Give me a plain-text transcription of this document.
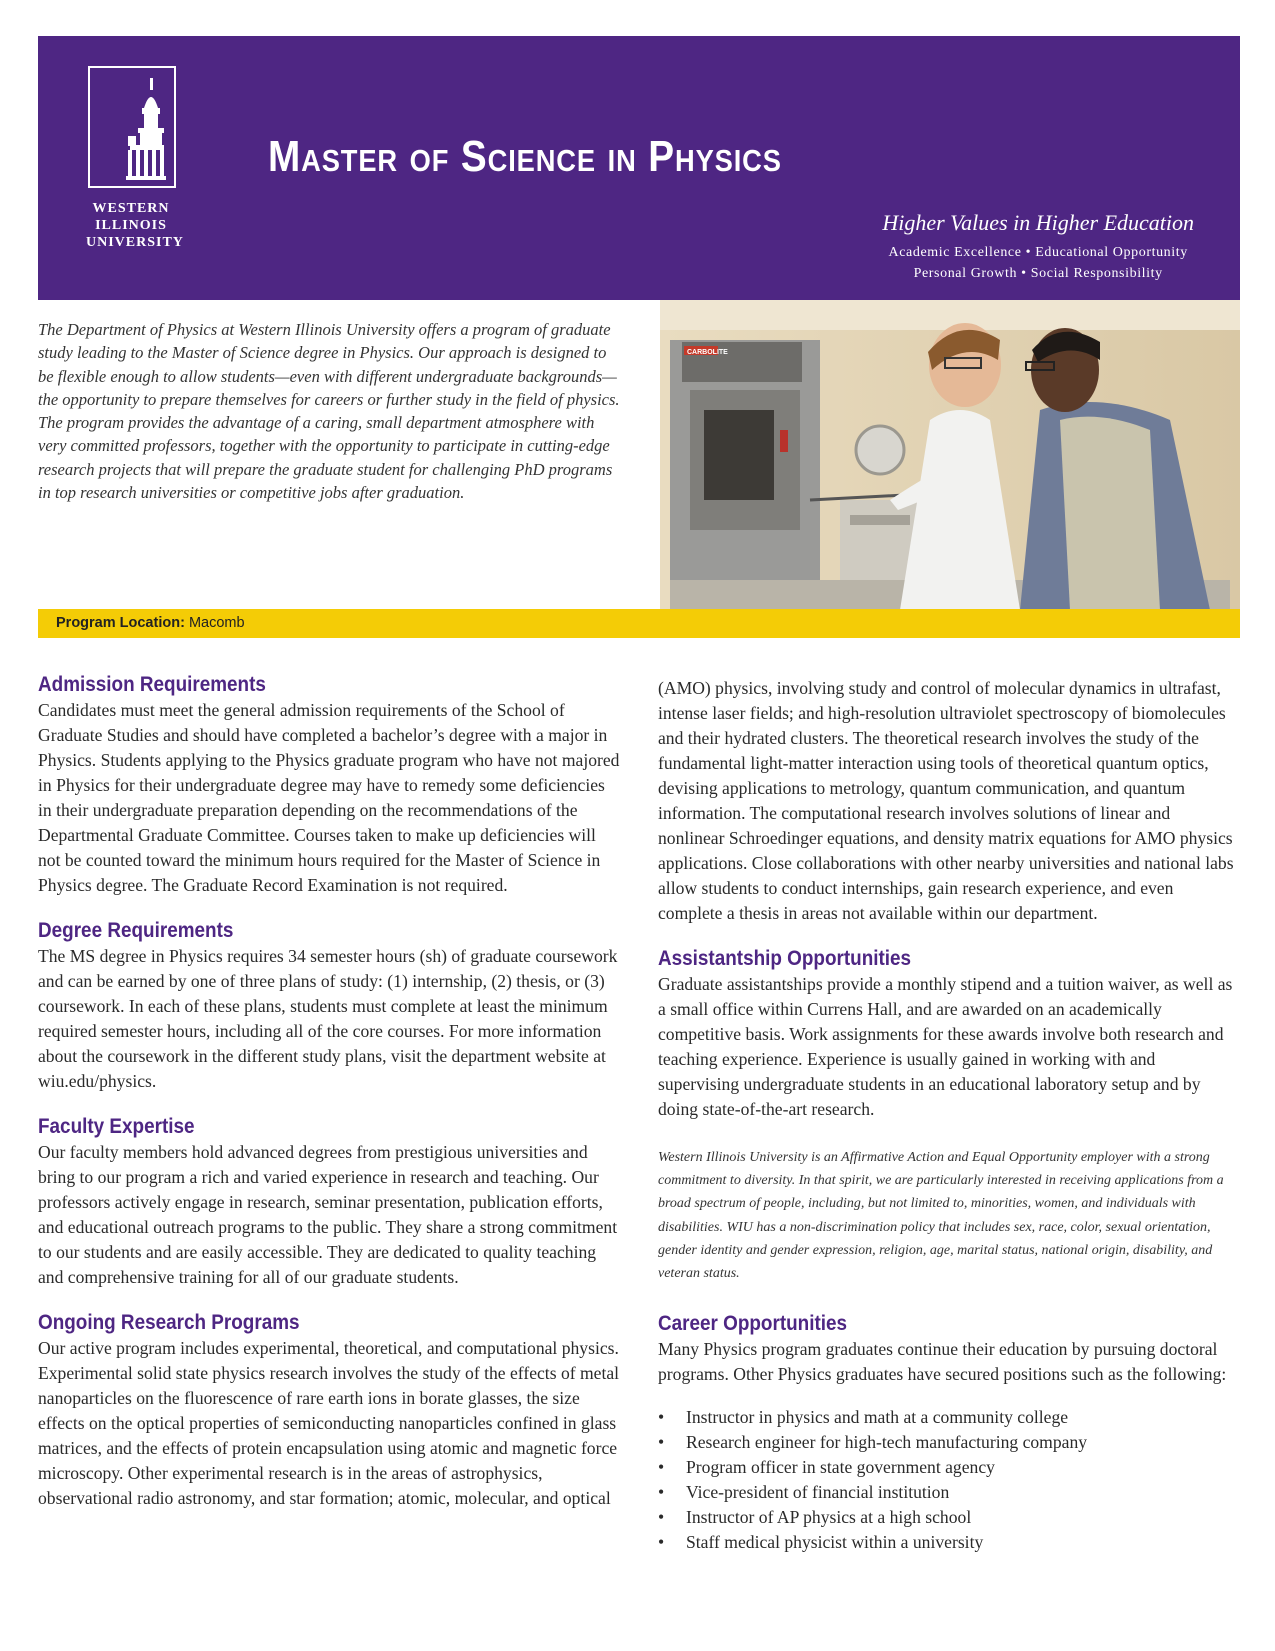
WESTERN
ILLINOIS
UNIVERSITY
Master of Science in Physics
Higher Values in Higher Education
Academic Excellence • Educational Opportunity
Personal Growth • Social Responsibility
The Department of Physics at Western Illinois University offers a program of graduate study leading to the Master of Science degree in Physics. Our approach is designed to be flexible enough to allow students—even with different undergraduate backgrounds—the opportunity to prepare themselves for careers or further study in the field of physics. The program provides the advantage of a caring, small department atmosphere with very committed professors, together with the opportunity to participate in cutting-edge research projects that will prepare the graduate student for challenging PhD programs in top research universities or competitive jobs after graduation.
CARBOLITE
Program Location: Macomb
Admission Requirements

Candidates must meet the general admission requirements of the School of Graduate Studies and should have completed a bachelor’s degree with a major in Physics. Students applying to the Physics graduate program who have not majored in Physics for their undergraduate degree may have to remedy some deficiencies in their undergraduate preparation depending on the recommendations of the Departmental Graduate Committee. Courses taken to make up deficiencies will not be counted toward the minimum hours required for the Master of Science in Physics degree. The Graduate Record Examination is not required.

Degree Requirements

The MS degree in Physics requires 34 semester hours (sh) of graduate coursework and can be earned by one of three plans of study: (1) internship, (2) thesis, or (3) coursework. In each of these plans, students must complete at least the minimum required semester hours, including all of the core courses. For more information about the coursework in the different study plans, visit the department website at wiu.edu/physics.

Faculty Expertise

Our faculty members hold advanced degrees from prestigious universities and bring to our program a rich and varied experience in research and teaching. Our professors actively engage in research, seminar presentation, publication efforts, and educational outreach programs to the public. They share a strong commitment to our students and are easily accessible. They are dedicated to quality teaching and comprehensive training for all of our graduate students.

Ongoing Research Programs

Our active program includes experimental, theoretical, and computational physics. Experimental solid state physics research involves the study of the effects of metal nanoparticles on the fluorescence of rare earth ions in borate glasses, the size effects on the optical properties of semiconducting nanoparticles confined in glass matrices, and the effects of protein encapsulation using atomic and magnetic force microscopy. Other experimental research is in the areas of astrophysics, observational radio astronomy, and star formation; atomic, molecular, and optical

(AMO) physics, involving study and control of molecular dynamics in ultrafast, intense laser fields; and high-resolution ultraviolet spectroscopy of biomolecules and their hydrated clusters. The theoretical research involves the study of the fundamental light-matter interaction using tools of theoretical quantum optics, devising applications to metrology, quantum communication, and quantum information. The computational research involves solutions of linear and nonlinear Schroedinger equations, and density matrix equations for AMO physics applications. Close collaborations with other nearby universities and national labs allow students to conduct internships, gain research experience, and even complete a thesis in areas not available within our department.

Assistantship Opportunities

Graduate assistantships provide a monthly stipend and a tuition waiver, as well as a small office within Currens Hall, and are awarded on an academically competitive basis. Work assignments for these awards involve both research and teaching experience. Experience is usually gained in working with and supervising undergraduate students in an educational laboratory setup and by doing state-of-the-art research.

Western Illinois University is an Affirmative Action and Equal Opportunity employer with a strong commitment to diversity. In that spirit, we are particularly interested in receiving applications from a broad spectrum of people, including, but not limited to, minorities, women, and individuals with disabilities. WIU has a non-discrimination policy that includes sex, race, color, sexual orientation, gender identity and gender expression, religion, age, marital status, national origin, disability, and veteran status.

Career Opportunities

Many Physics program graduates continue their education by pursuing doctoral programs. Other Physics graduates have secured positions such as the following:

• Instructor in physics and math at a community college
• Research engineer for high-tech manufacturing company
• Program officer in state government agency
• Vice-president of financial institution
• Instructor of AP physics at a high school
• Staff medical physicist within a university
